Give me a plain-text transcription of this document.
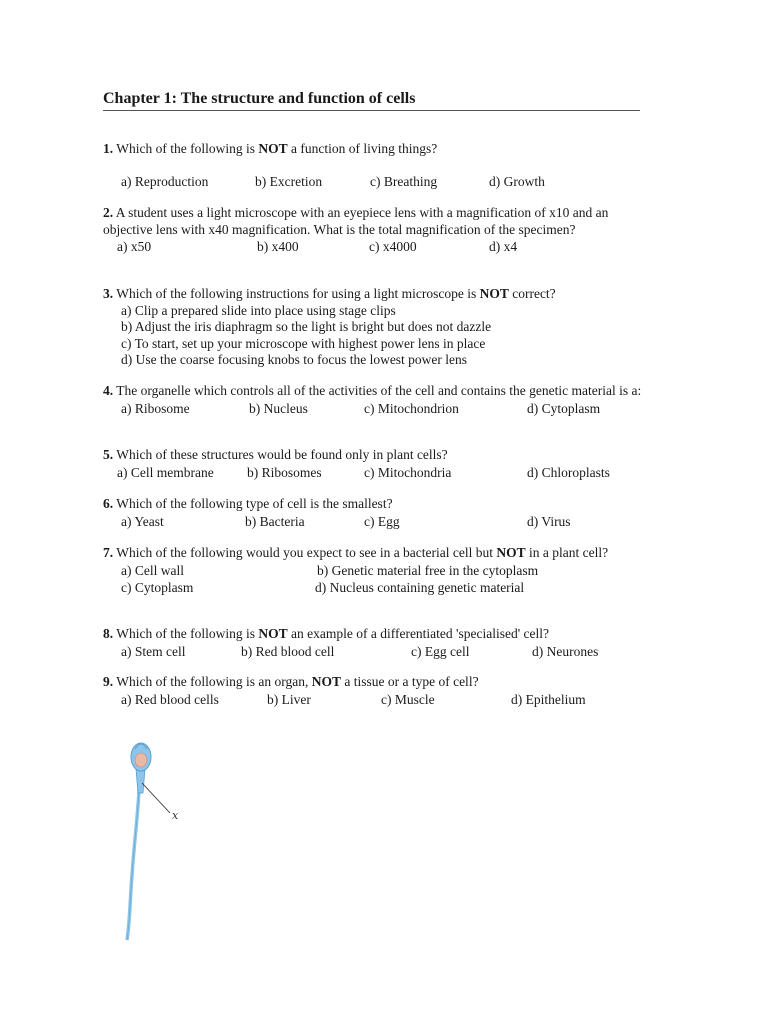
Chapter 1: The structure and function of cells
1. Which of the following is NOT a function of living things?
a) Reproduction	b) Excretion	c) Breathing	d) Growth
2. A student uses a light microscope with an eyepiece lens with a magnification of x10 and an objective lens with x40 magnification. What is the total magnification of the specimen?
a) x50	b) x400	c) x4000	d) x4
3. Which of the following instructions for using a light microscope is NOT correct?
a) Clip a prepared slide into place using stage clips
b) Adjust the iris diaphragm so the light is bright but does not dazzle
c) To start, set up your microscope with highest power lens in place
d) Use the coarse focusing knobs to focus the lowest power lens
4. The organelle which controls all of the activities of the cell and contains the genetic material is a:
a) Ribosome	b) Nucleus	c) Mitochondrion	d) Cytoplasm
5. Which of these structures would be found only in plant cells?
a) Cell membrane b) Ribosomes	c) Mitochondria	d) Chloroplasts
6. Which of the following type of cell is the smallest?
a) Yeast	b) Bacteria	c) Egg	d) Virus
7. Which of the following would you expect to see in a bacterial cell but NOT in a plant cell?
a) Cell wall	b) Genetic material free in the cytoplasm
c) Cytoplasm	d) Nucleus containing genetic material
8. Which of the following is NOT an example of a differentiated 'specialised' cell?
a) Stem cell	b) Red blood cell	c) Egg cell	d) Neurones
9. Which of the following is an organ, NOT a tissue or a type of cell?
a) Red blood cells	b) Liver	c) Muscle	d) Epithelium
x
